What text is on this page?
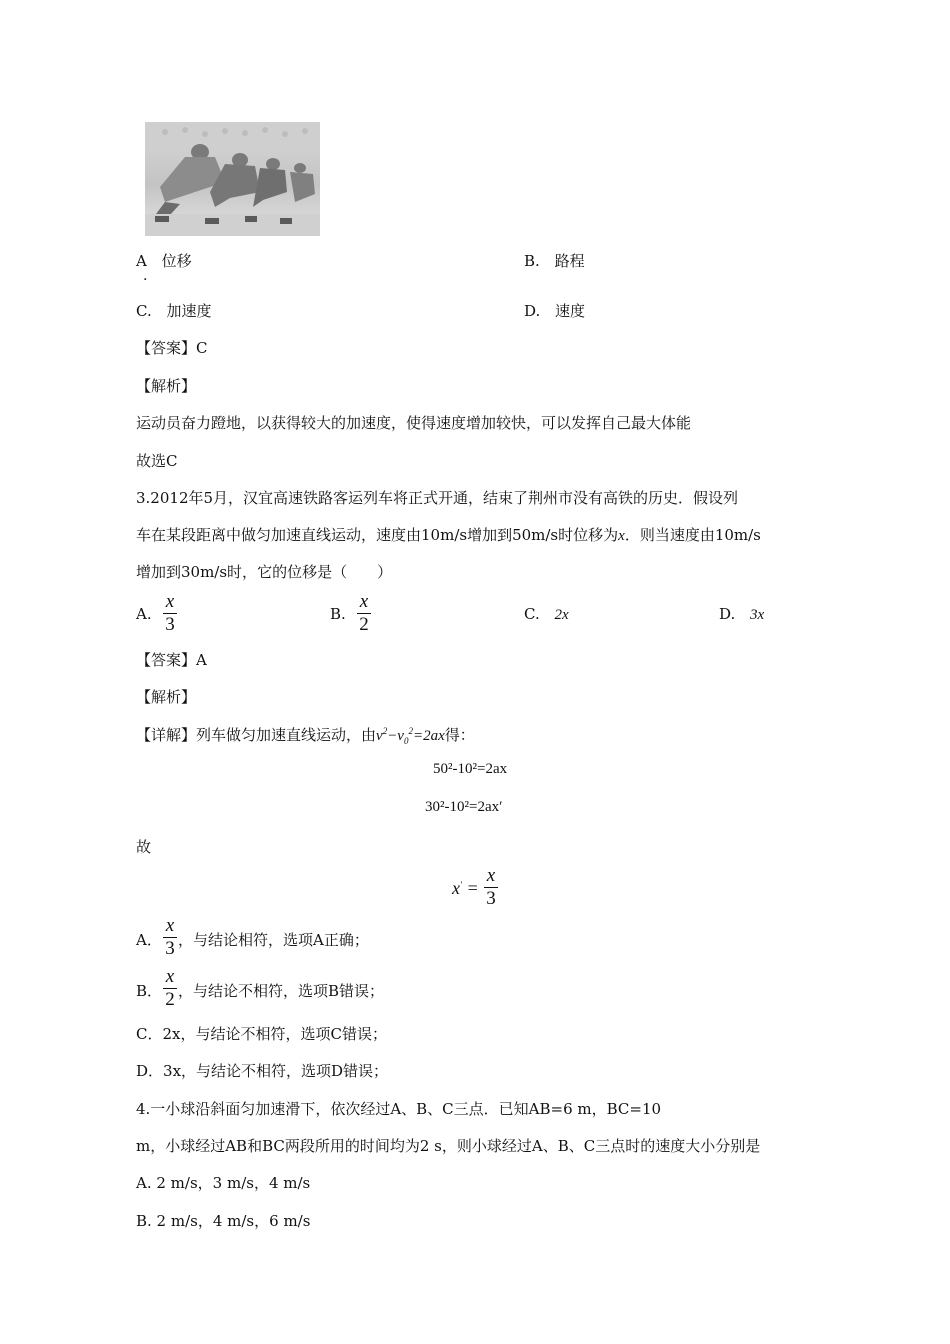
A 位移
.
B. 路程
C. 加速度	D. 速度
【答案】C
【解析】
运动员奋力蹬地，以获得较大的加速度，使得速度增加较快，可以发挥自己最大体能
故选C
3.2012年5月，汉宜高速铁路客运列车将正式开通，结束了荆州市没有高铁的历史．假设列
车在某段距离中做匀加速直线运动，速度由10m/s增加到50m/s时位移为x．则当速度由10m/s
增加到30m/s时，它的位移是（　　）
A.
x
3	B.
x
2	C. 2x	D. 3x
【答案】A
【解析】
【详解】列车做匀加速直线运动，由$v^2-v_0^2=2ax$得：
50²-10²=2ax
30²-10²=2ax′
故
x′ =
x
3
A．
x
3 ，与结论相符，选项A正确；
B．
x
2 ，与结论不相符，选项B错误；
C．2x，与结论不相符，选项C错误；
D．3x，与结论不相符，选项D错误；
4.一小球沿斜面匀加速滑下，依次经过A、B、C三点．已知AB=6 m，BC=10
m，小球经过AB和BC两段所用的时间均为2 s，则小球经过A、B、C三点时的速度大小分别是
A. 2 m/s，3 m/s，4 m/s
B. 2 m/s，4 m/s，6 m/s
